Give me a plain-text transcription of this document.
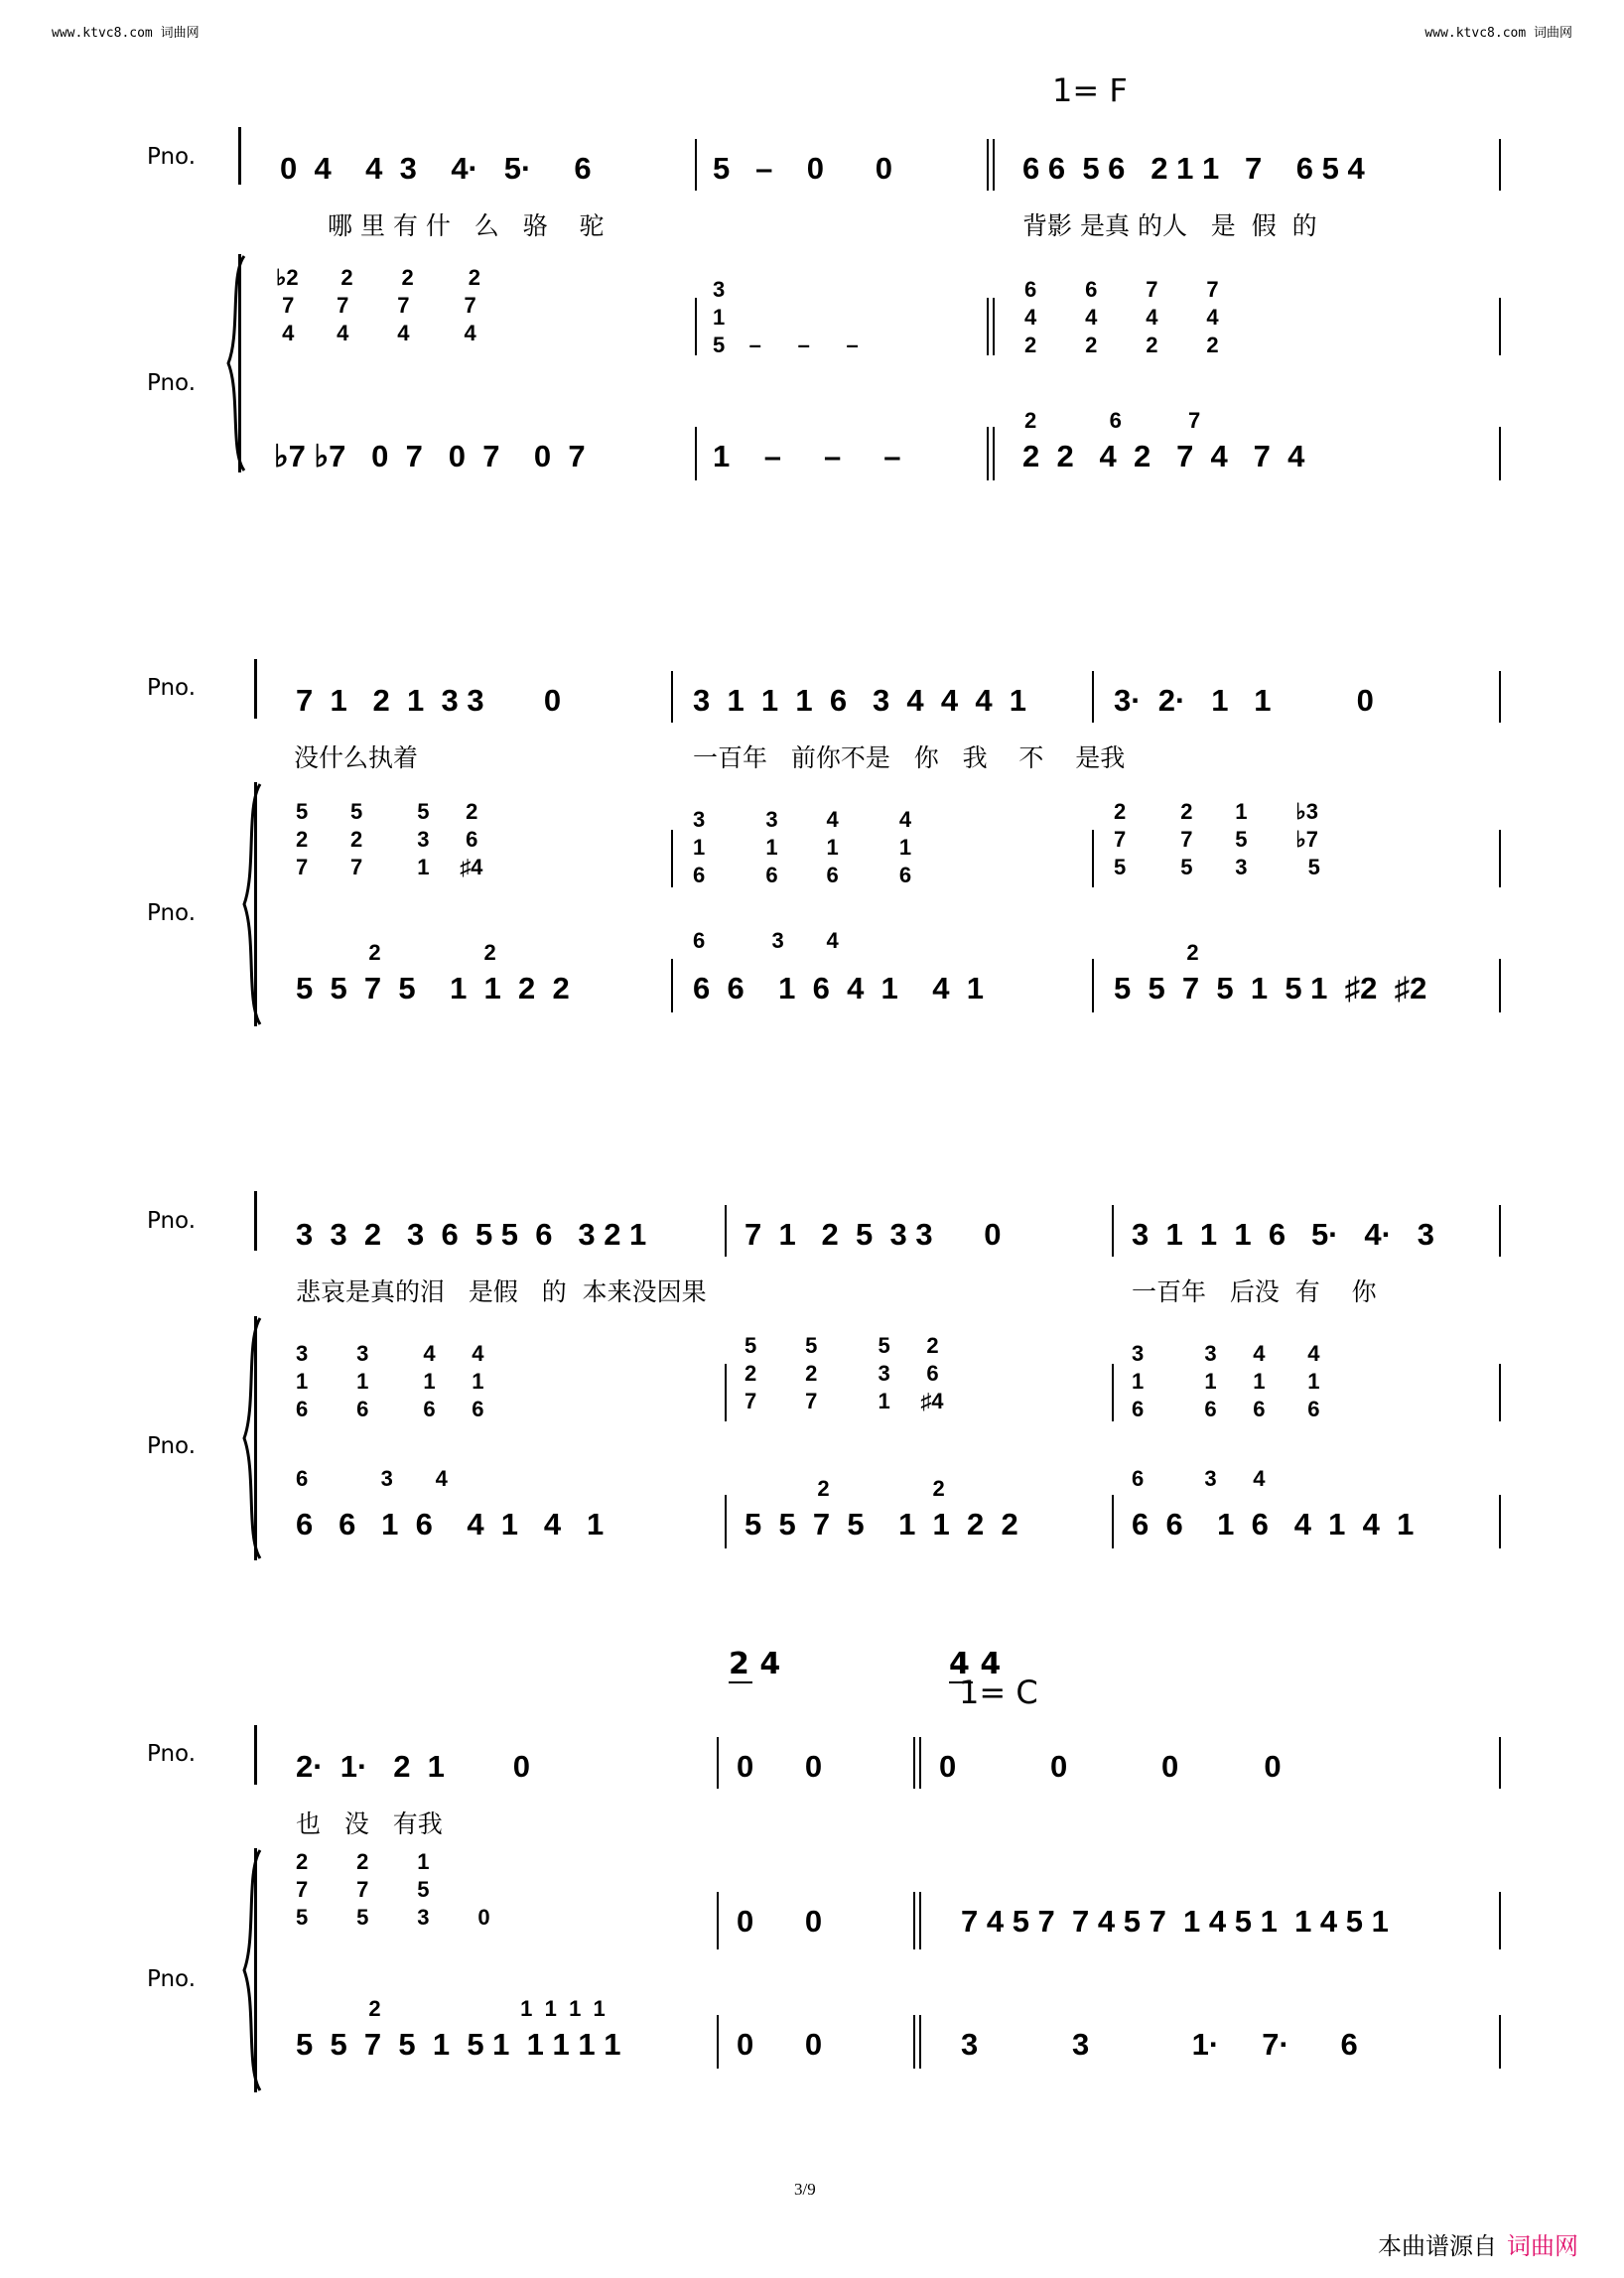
www.ktvc8.com 词曲网	www.ktvc8.com 词曲网
1= F
Pno.
Pno.
0  4    4  3    4·   5·     6	5   –    0      0	6 6  5 6   2 1 1   7    6 5 4
哪 里 有 什 么 骆 驼	背影 是真 的人 是 假 的
♭2       2        2         2
7       7        7         7
4       4        4         4
3
1
5    –      –      –
6        6        7        7
4        4        4        4
2        2        2        2
♭7 ♭7   0  7   0  7    0  7	1    –     –     –
2            6           7
2  2   4  2   7  4   7  4
Pno.
Pno.
7  1   2  1  3 3       0	3  1  1  1  6   3  4  4  4  1	3·  2·   1   1          0
没什么执着	一百年 前你不是 你 我 不 是我
5       5         5      2
2       2         3      6
7       7         1     ♯4
3          3        4          4
1          1        1          1
6          6        6          6
2         2       1        ♭3
7         7       5        ♭7
5         5       3          5
2                 2
5  5  7  5    1  1  2  2
6           3       4
6  6    1  6  4  1    4  1
2
5  5  7  5  1  5 1  ♯2  ♯2
Pno.
Pno.
3  3  2   3  6  5 5  6   3 2 1	7  1   2  5  3 3      0	3  1  1  1  6   5·   4·   3
悲哀是真的泪 是假 的 本来没因果	一百年 后没 有 你
3        3         4      4
1        1         1      1
6        6         6      6
5        5          5      2
2        2          3      6
7        7          1     ♯4
3          3      4       4
1          1      1       1
6          6      6       6
6            3       4
6   6   1  6    4  1   4   1
2                 2
5  5  7  5    1  1  2  2
6          3      4
6  6    1  6   4  1  4  1
2 4	4 4
1= C
Pno.
Pno.
2·  1·   2  1        0	0      0	0           0           0          0
也 没 有我
2        2        1
7        7        5
5        5        3        0	0      0	7 4 5 7  7 4 5 7  1 4 5 1  1 4 5 1
2                       1  1  1  1
5  5  7  5  1  5 1  1 1 1 1	0      0	3           3            1·     7·      6
3/9
本曲谱源自 词曲网
